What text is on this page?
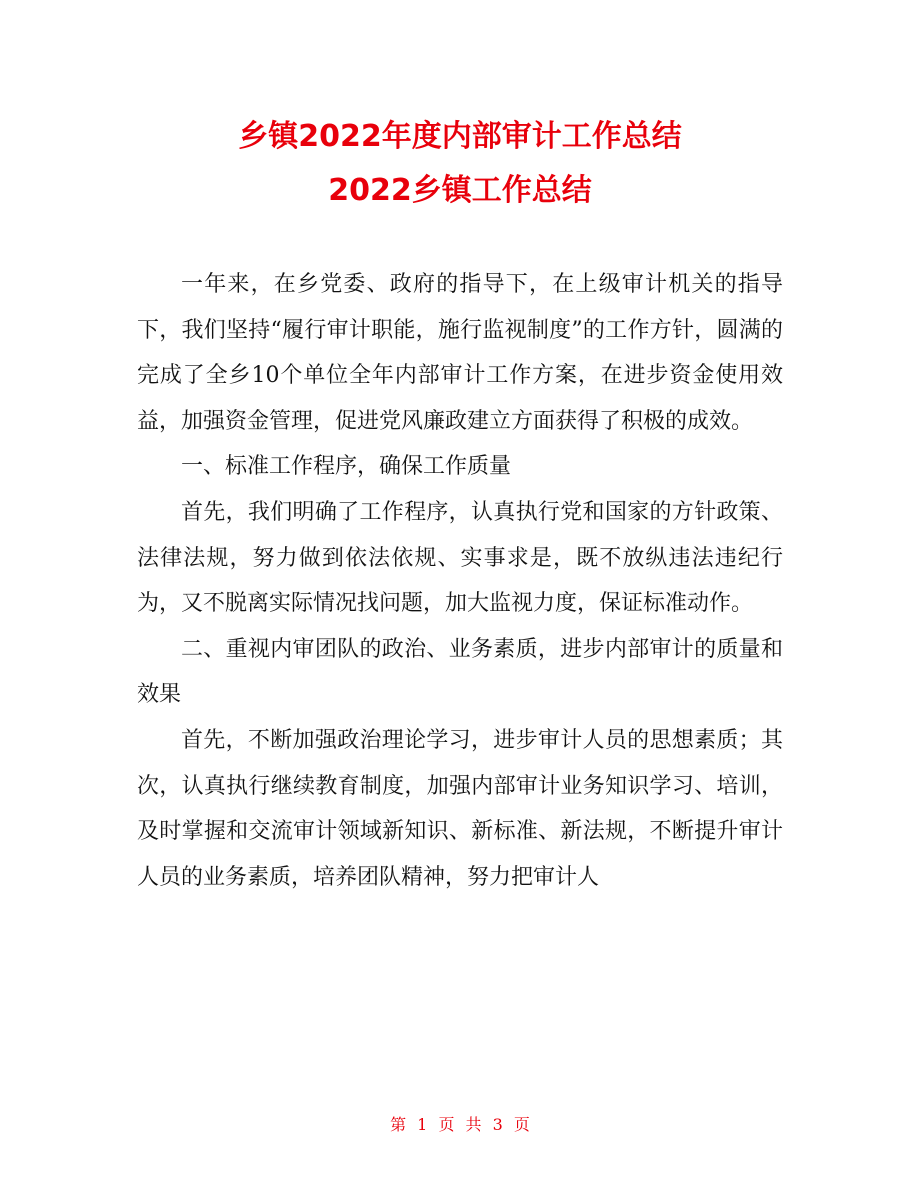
乡镇2022年度内部审计工作总结
2022乡镇工作总结

一年来，在乡党委、政府的指导下，在上级审计机关的指导下，我们坚持“履行审计职能，施行监视制度”的工作方针，圆满的完成了全乡10个单位全年内部审计工作方案，在进步资金使用效益，加强资金管理，促进党风廉政建立方面获得了积极的成效。

一、标准工作程序，确保工作质量

首先，我们明确了工作程序，认真执行党和国家的方针政策、法律法规，努力做到依法依规、实事求是，既不放纵违法违纪行为，又不脱离实际情况找问题，加大监视力度，保证标准动作。

二、重视内审团队的政治、业务素质，进步内部审计的质量和效果

首先，不断加强政治理论学习，进步审计人员的思想素质；其次，认真执行继续教育制度，加强内部审计业务知识学习、培训，及时掌握和交流审计领域新知识、新标准、新法规，不断提升审计人员的业务素质，培养团队精神，努力把审计人

第 1 页 共 3 页
